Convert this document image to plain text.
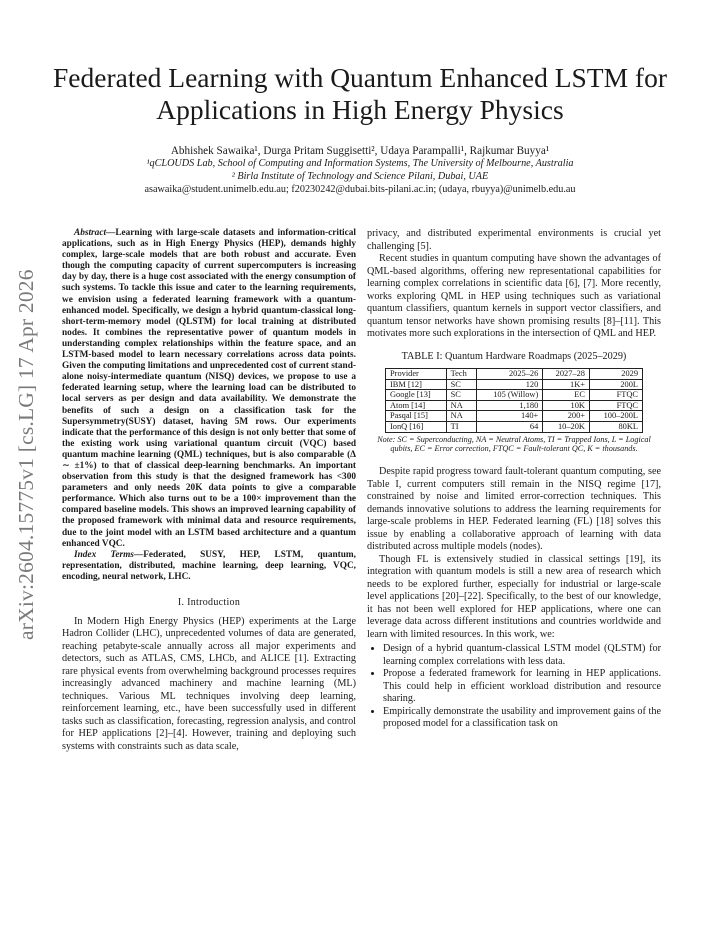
arXiv:2604.15775v1 [cs.LG] 17 Apr 2026
Federated Learning with Quantum Enhanced LSTM for Applications in High Energy Physics
Abhishek Sawaika¹, Durga Pritam Suggisetti², Udaya Parampalli¹, Rajkumar Buyya¹
¹qCLOUDS Lab, School of Computing and Information Systems, The University of Melbourne, Australia
² Birla Institute of Technology and Science Pilani, Dubai, UAE
asawaika@student.unimelb.edu.au; f20230242@dubai.bits-pilani.ac.in; (udaya, rbuyya)@unimelb.edu.au

Abstract—Learning with large-scale datasets and information-critical applications, such as in High Energy Physics (HEP), demands highly complex, large-scale models that are both robust and accurate. Even though the computing capacity of current supercomputers is increasing day by day, there is a huge cost associated with the energy consumption of such systems. To tackle this issue and cater to the learning requirements, we envision using a federated learning framework with a quantum-enhanced model. Specifically, we design a hybrid quantum-classical long-short-term-memory model (QLSTM) for local training at distributed nodes. It combines the representative power of quantum models in understanding complex relationships within the feature space, and an LSTM-based model to learn necessary correlations across data points. Given the computing limitations and unprecedented cost of current stand-alone noisy-intermediate quantum (NISQ) devices, we propose to use a federated learning setup, where the learning load can be distributed to local servers as per design and data availability. We demonstrate the benefits of such a design on a classification task for the Supersymmetry(SUSY) dataset, having 5M rows. Our experiments indicate that the performance of this design is not only better that some of the existing work using variational quantum circuit (VQC) based quantum machine learning (QML) techniques, but is also comparable (Δ ∼ ±1%) to that of classical deep-learning benchmarks. An important observation from this study is that the designed framework has <300 parameters and only needs 20K data points to give a comparable performance. Which also turns out to be a 100× improvement than the compared baseline models. This shows an improved learning capability of the proposed framework with minimal data and resource requirements, due to the joint model with an LSTM based architecture and a quantum enhanced VQC.

Index Terms—Federated, SUSY, HEP, LSTM, quantum, representation, distributed, machine learning, deep learning, VQC, encoding, neural network, LHC.

I. Introduction

In Modern High Energy Physics (HEP) experiments at the Large Hadron Collider (LHC), unprecedented volumes of data are generated, reaching petabyte-scale annually across all major experiments and detectors, such as ATLAS, CMS, LHCb, and ALICE [1]. Extracting rare physical events from overwhelming background processes requires increasingly advanced machinery and machine learning (ML) techniques. Various ML techniques involving deep learning, reinforcement learning, etc., have been successfully used in different tasks such as classification, forecasting, regression analysis, and control for HEP applications [2]–[4]. However, training and deploying such systems with constraints such as data scale,

privacy, and distributed experimental environments is crucial yet challenging [5].

Recent studies in quantum computing have shown the advantages of QML-based algorithms, offering new representational capabilities for learning complex correlations in scientific data [6], [7]. More recently, works exploring QML in HEP using techniques such as variational quantum classifiers, quantum kernels in support vector classifiers, and quantum tensor networks have shown promising results [8]–[11]. This motivates more such explorations in the intersection of QML and HEP.

TABLE I: Quantum Hardware Roadmaps (2025–2029)
Provider	Tech	2025–26	2027–28	2029
IBM [12]	SC	120	1K+	200L
Google [13]	SC	105 (Willow)	EC	FTQC
Atom [14]	NA	1,180	10K	FTQC
Pasqal [15]	NA	140+	200+	100–200L
IonQ [16]	TI	64	10–20K	80KL
Note: SC = Superconducting, NA = Neutral Atoms, TI = Trapped Ions, L = Logical qubits, EC = Error correction, FTQC = Fault-tolerant QC, K = thousands.

Despite rapid progress toward fault-tolerant quantum computing, see Table I, current computers still remain in the NISQ regime [17], constrained by noise and limited error-correction techniques. This demands innovative solutions to address the learning requirements for large-scale problems in HEP. Federated learning (FL) [18] solves this issue by enabling a collaborative approach of learning with data distributed across multiple models (nodes).

Though FL is extensively studied in classical settings [19], its integration with quantum models is still a new area of research which needs to be explored further, especially for industrial or large-scale level applications [20]–[22]. Specifically, to the best of our knowledge, it has not been well explored for HEP applications, where one can leverage data across different institutions and countries worldwide and learn with limited resources. In this work, we:

• Design of a hybrid quantum-classical LSTM model (QLSTM) for learning complex correlations with less data.
• Propose a federated framework for learning in HEP applications. This could help in efficient workload distribution and resource sharing.
• Empirically demonstrate the usability and improvement gains of the proposed model for a classification task on
